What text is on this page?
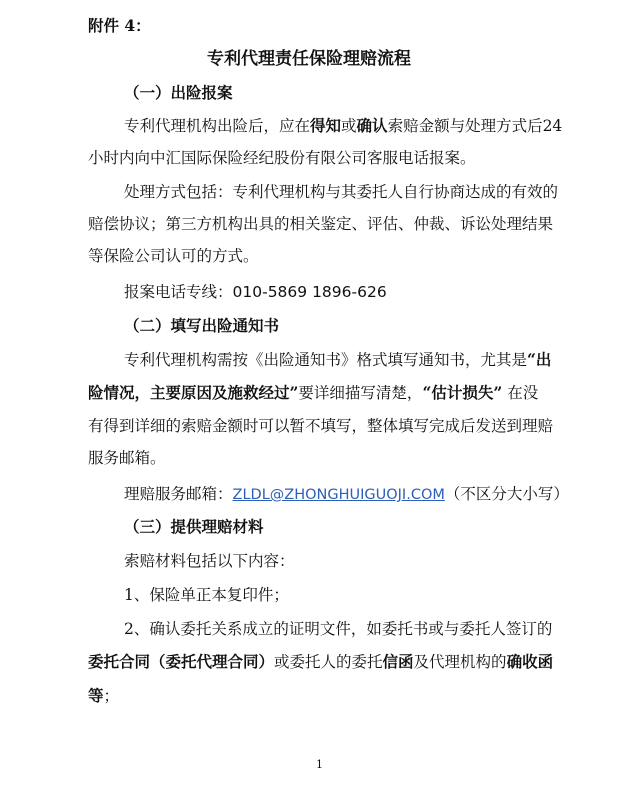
附件 4：
专利代理责任保险理赔流程
（一）出险报案
专利代理机构出险后，应在得知或确认索赔金额与处理方式后24
小时内向中汇国际保险经纪股份有限公司客服电话报案。
处理方式包括：专利代理机构与其委托人自行协商达成的有效的
赔偿协议；第三方机构出具的相关鉴定、评估、仲裁、诉讼处理结果
等保险公司认可的方式。
报案电话专线：010-5869 1896-626
（二）填写出险通知书
专利代理机构需按《出险通知书》格式填写通知书，尤其是“出
险情况，主要原因及施救经过”要详细描写清楚，“估计损失” 在没
有得到详细的索赔金额时可以暂不填写，整体填写完成后发送到理赔
服务邮箱。
理赔服务邮箱：ZLDL@ZHONGHUIGUOJI.COM（不区分大小写）
（三）提供理赔材料
索赔材料包括以下内容：
1、保险单正本复印件；
2、确认委托关系成立的证明文件，如委托书或与委托人签订的
委托合同（委托代理合同）或委托人的委托信函及代理机构的确收函
等；
1
